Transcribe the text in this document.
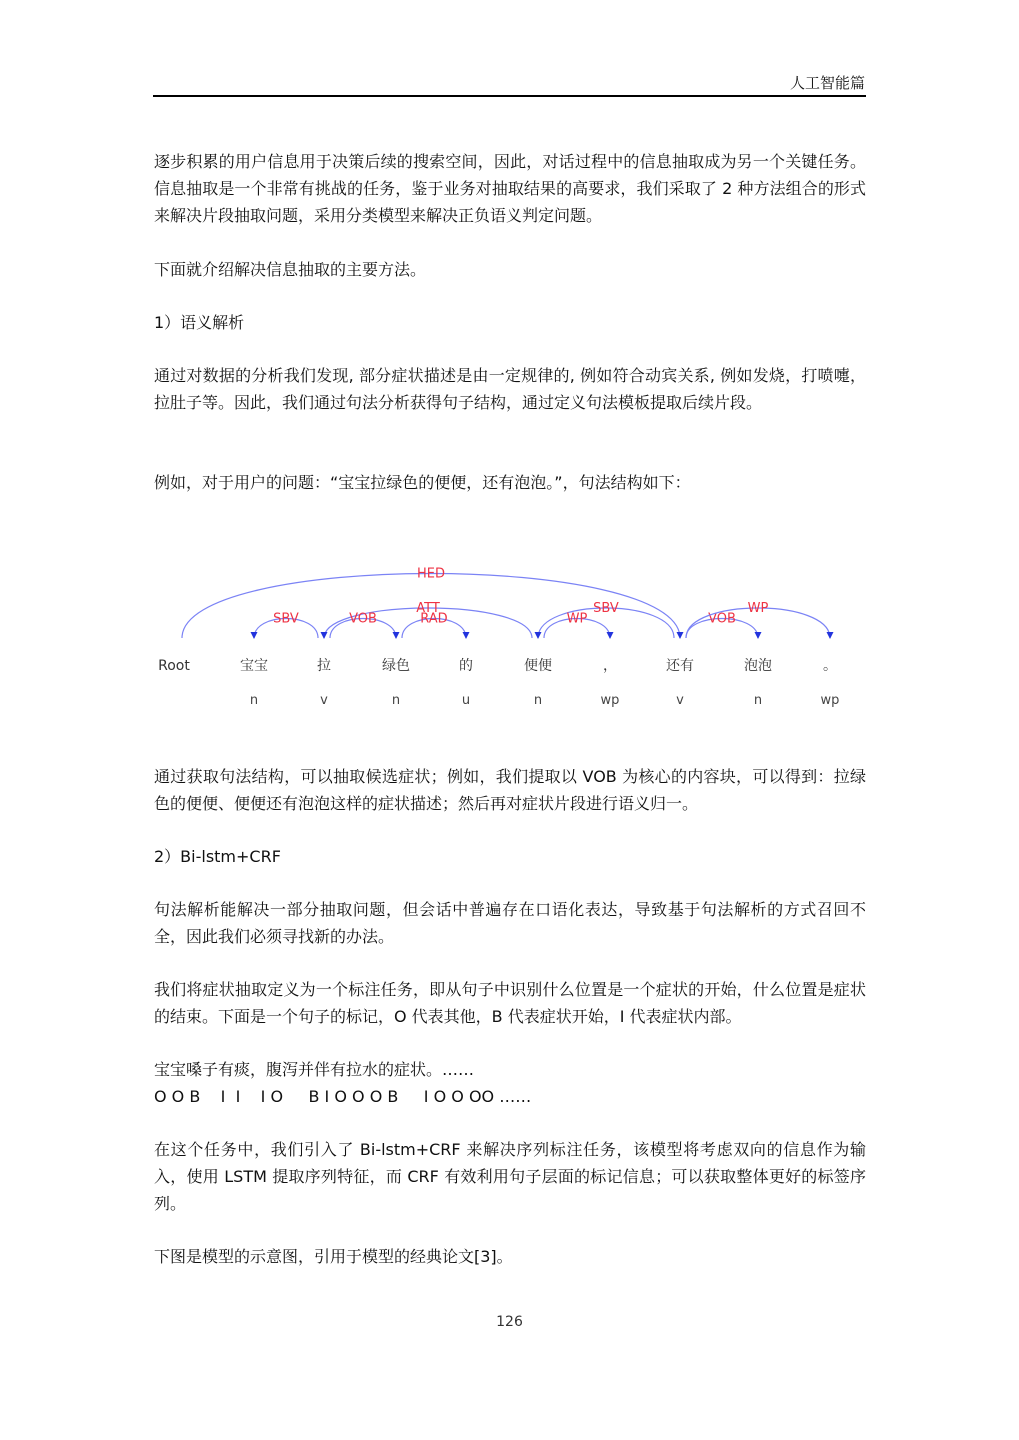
人工智能篇

逐步积累的用户信息用于决策后续的搜索空间，因此，对话过程中的信息抽取成为另一个关键任务。信息抽取是一个非常有挑战的任务，鉴于业务对抽取结果的高要求，我们采取了 2 种方法组合的形式来解决片段抽取问题，采用分类模型来解决正负语义判定问题。

下面就介绍解决信息抽取的主要方法。

1）语义解析

通过对数据的分析我们发现, 部分症状描述是由一定规律的, 例如符合动宾关系, 例如发烧，打喷嚏，拉肚子等。因此，我们通过句法分析获得句子结构，通过定义句法模板提取后续片段。

例如，对于用户的问题：“宝宝拉绿色的便便，还有泡泡。”，句法结构如下：

HED
SBV
ATT
RAD
VOB
SBV
WP	VOB
WP
Root	宝宝
n
拉
v
绿色
n
的
u
便便
n
，
wp
还有
v
泡泡
n
。
wp

通过获取句法结构，可以抽取候选症状；例如，我们提取以 VOB 为核心的内容块，可以得到：拉绿色的便便、便便还有泡泡这样的症状描述；然后再对症状片段进行语义归一。

2）Bi-lstm+CRF

句法解析能解决一部分抽取问题，但会话中普遍存在口语化表达，导致基于句法解析的方式召回不全，因此我们必须寻找新的办法。

我们将症状抽取定义为一个标注任务，即从句子中识别什么位置是一个症状的开始，什么位置是症状的结束。下面是一个句子的标记，O 代表其他，B 代表症状开始，I 代表症状内部。

宝宝嗓子有痰，腹泻并伴有拉水的症状。……
O O B    I  I    I O     B I O O O B     I O O OO ……

在这个任务中，我们引入了 Bi-lstm+CRF 来解决序列标注任务，该模型将考虑双向的信息作为输入，使用 LSTM 提取序列特征，而 CRF 有效利用句子层面的标记信息；可以获取整体更好的标签序列。

下图是模型的示意图，引用于模型的经典论文[3]。

126
